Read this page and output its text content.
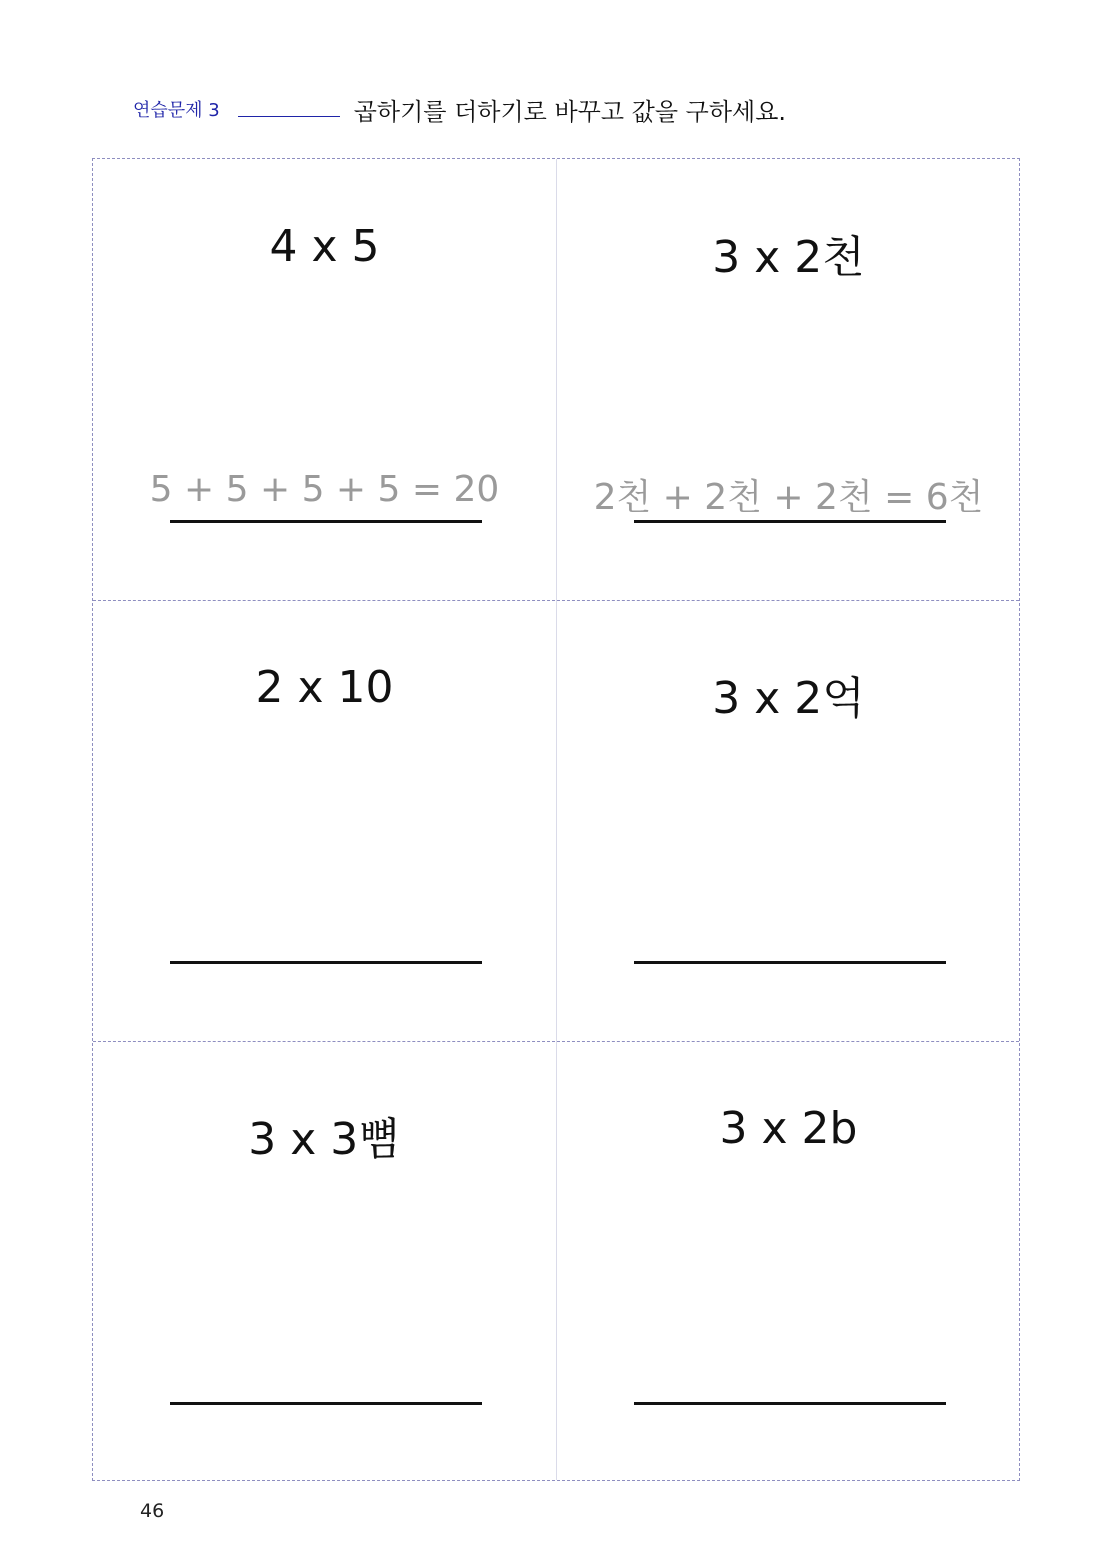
연습문제 3	곱하기를 더하기로 바꾸고 값을 구하세요.
4 x 5
5 + 5 + 5 + 5 = 20
3 x 2천
2천 + 2천 + 2천 = 6천
2 x 10	3 x 2억
3 x 3뼘	3 x 2b
46
